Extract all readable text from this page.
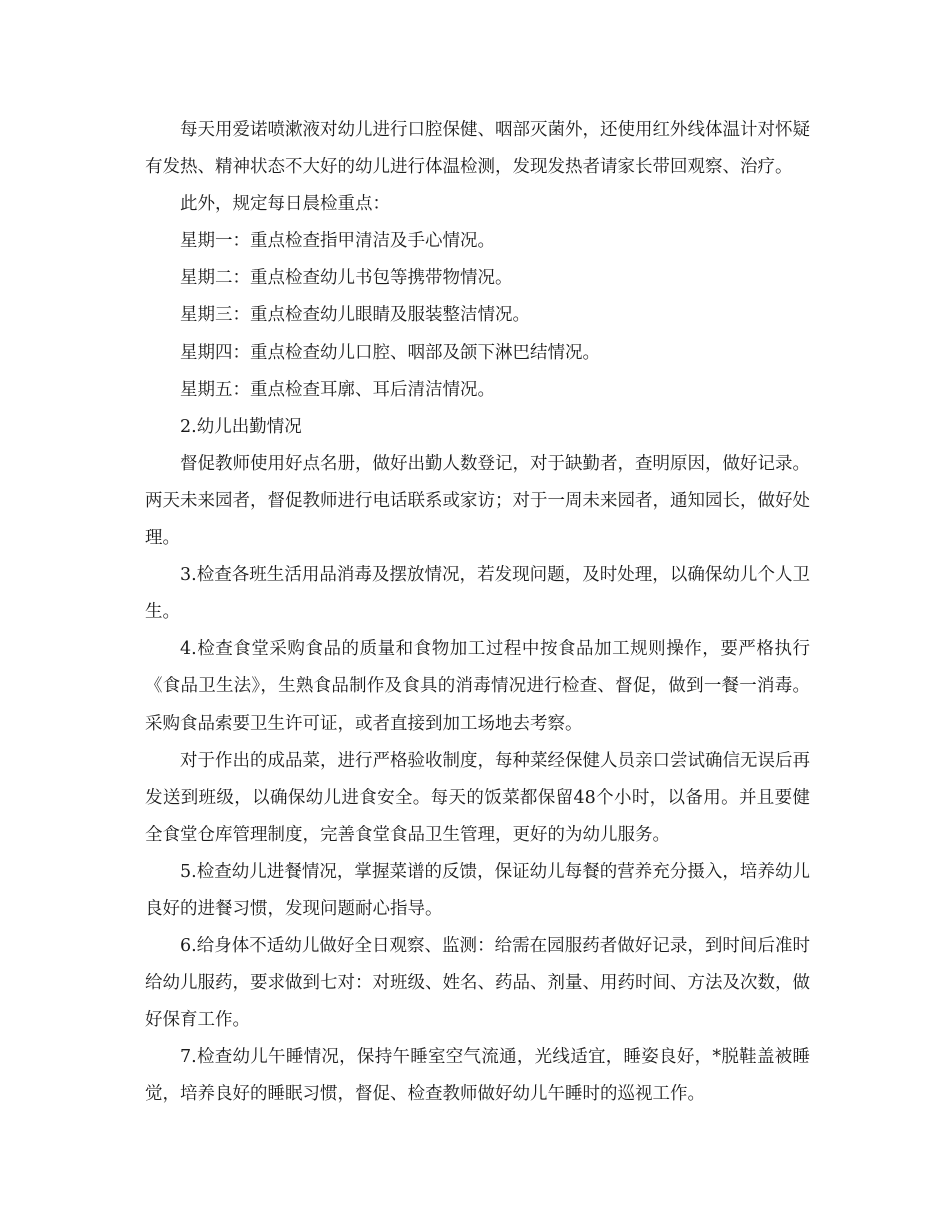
每天用爱诺喷漱液对幼儿进行口腔保健、咽部灭菌外，还使用红外线体温计对怀疑有发热、精神状态不大好的幼儿进行体温检测，发现发热者请家长带回观察、治疗。

此外，规定每日晨检重点：

星期一：重点检查指甲清洁及手心情况。

星期二：重点检查幼儿书包等携带物情况。

星期三：重点检查幼儿眼睛及服装整洁情况。

星期四：重点检查幼儿口腔、咽部及颌下淋巴结情况。

星期五：重点检查耳廓、耳后清洁情况。

2.幼儿出勤情况

督促教师使用好点名册，做好出勤人数登记，对于缺勤者，查明原因，做好记录。两天未来园者，督促教师进行电话联系或家访；对于一周未来园者，通知园长，做好处理。

3.检查各班生活用品消毒及摆放情况，若发现问题，及时处理，以确保幼儿个人卫生。

4.检查食堂采购食品的质量和食物加工过程中按食品加工规则操作，要严格执行《食品卫生法》，生熟食品制作及食具的消毒情况进行检查、督促，做到一餐一消毒。采购食品索要卫生许可证，或者直接到加工场地去考察。

对于作出的成品菜，进行严格验收制度，每种菜经保健人员亲口尝试确信无误后再发送到班级，以确保幼儿进食安全。每天的饭菜都保留48个小时，以备用。并且要健全食堂仓库管理制度，完善食堂食品卫生管理，更好的为幼儿服务。

5.检查幼儿进餐情况，掌握菜谱的反馈，保证幼儿每餐的营养充分摄入，培养幼儿良好的进餐习惯，发现问题耐心指导。

6.给身体不适幼儿做好全日观察、监测：给需在园服药者做好记录，到时间后准时给幼儿服药，要求做到七对：对班级、姓名、药品、剂量、用药时间、方法及次数，做好保育工作。

7.检查幼儿午睡情况，保持午睡室空气流通，光线适宜，睡姿良好，*脱鞋盖被睡觉，培养良好的睡眠习惯，督促、检查教师做好幼儿午睡时的巡视工作。
